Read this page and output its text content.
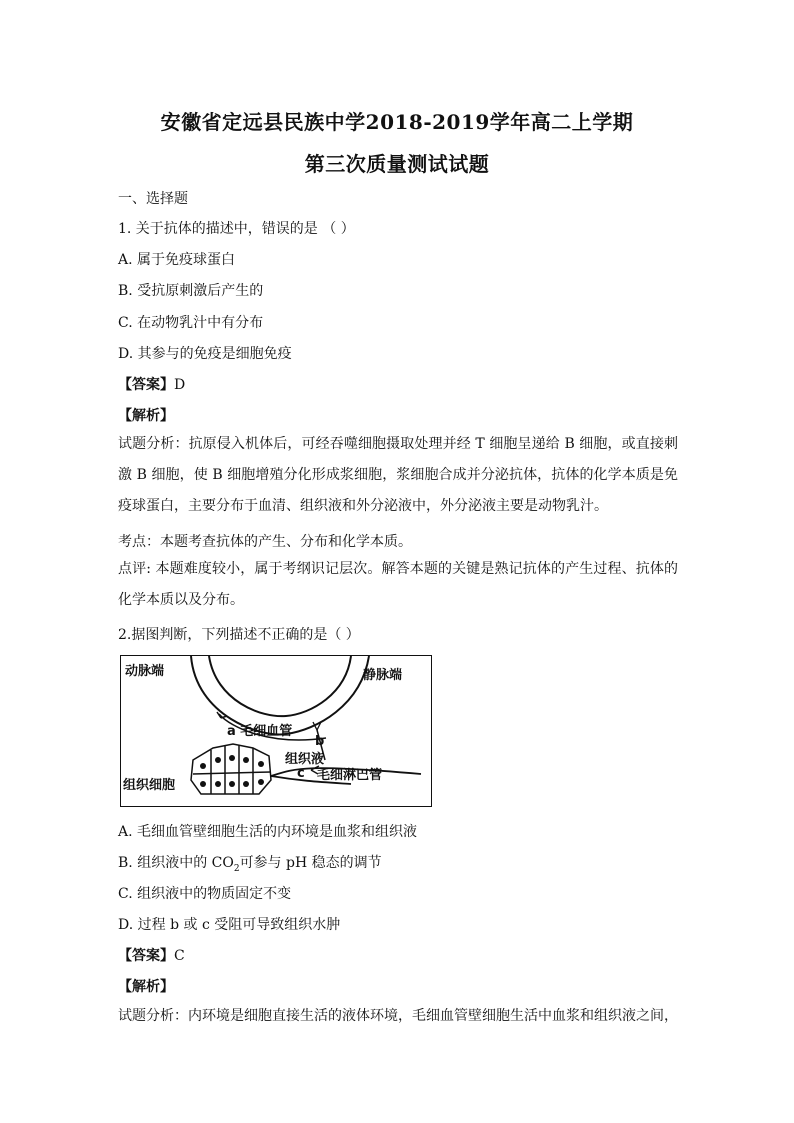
安徽省定远县民族中学2018-2019学年高二上学期
第三次质量测试试题
一、选择题
1. 关于抗体的描述中，错误的是 （ ）
A. 属于免疫球蛋白
B. 受抗原刺激后产生的
C. 在动物乳汁中有分布
D. 其参与的免疫是细胞免疫
【答案】D
【解析】
试题分析：抗原侵入机体后，可经吞噬细胞摄取处理并经 T 细胞呈递给 B 细胞，或直接刺激 B 细胞，使 B 细胞增殖分化形成浆细胞，浆细胞合成并分泌抗体，抗体的化学本质是免疫球蛋白，主要分布于血清、组织液和外分泌液中，外分泌液主要是动物乳汁。
考点：本题考查抗体的产生、分布和化学本质。
点评: 本题难度较小，属于考纲识记层次。解答本题的关键是熟记抗体的产生过程、抗体的化学本质以及分布。
2.据图判断，下列描述不正确的是（ ）
动脉端	静脉端
a 毛细血管
b
组织液
c 毛细淋巴管
组织细胞
A. 毛细血管壁细胞生活的内环境是血浆和组织液
B. 组织液中的 $CO_2$可参与 pH 稳态的调节
C. 组织液中的物质固定不变
D. 过程 b 或 c 受阻可导致组织水肿
【答案】C
【解析】
试题分析：内环境是细胞直接生活的液体环境，毛细血管壁细胞生活中血浆和组织液之间，
